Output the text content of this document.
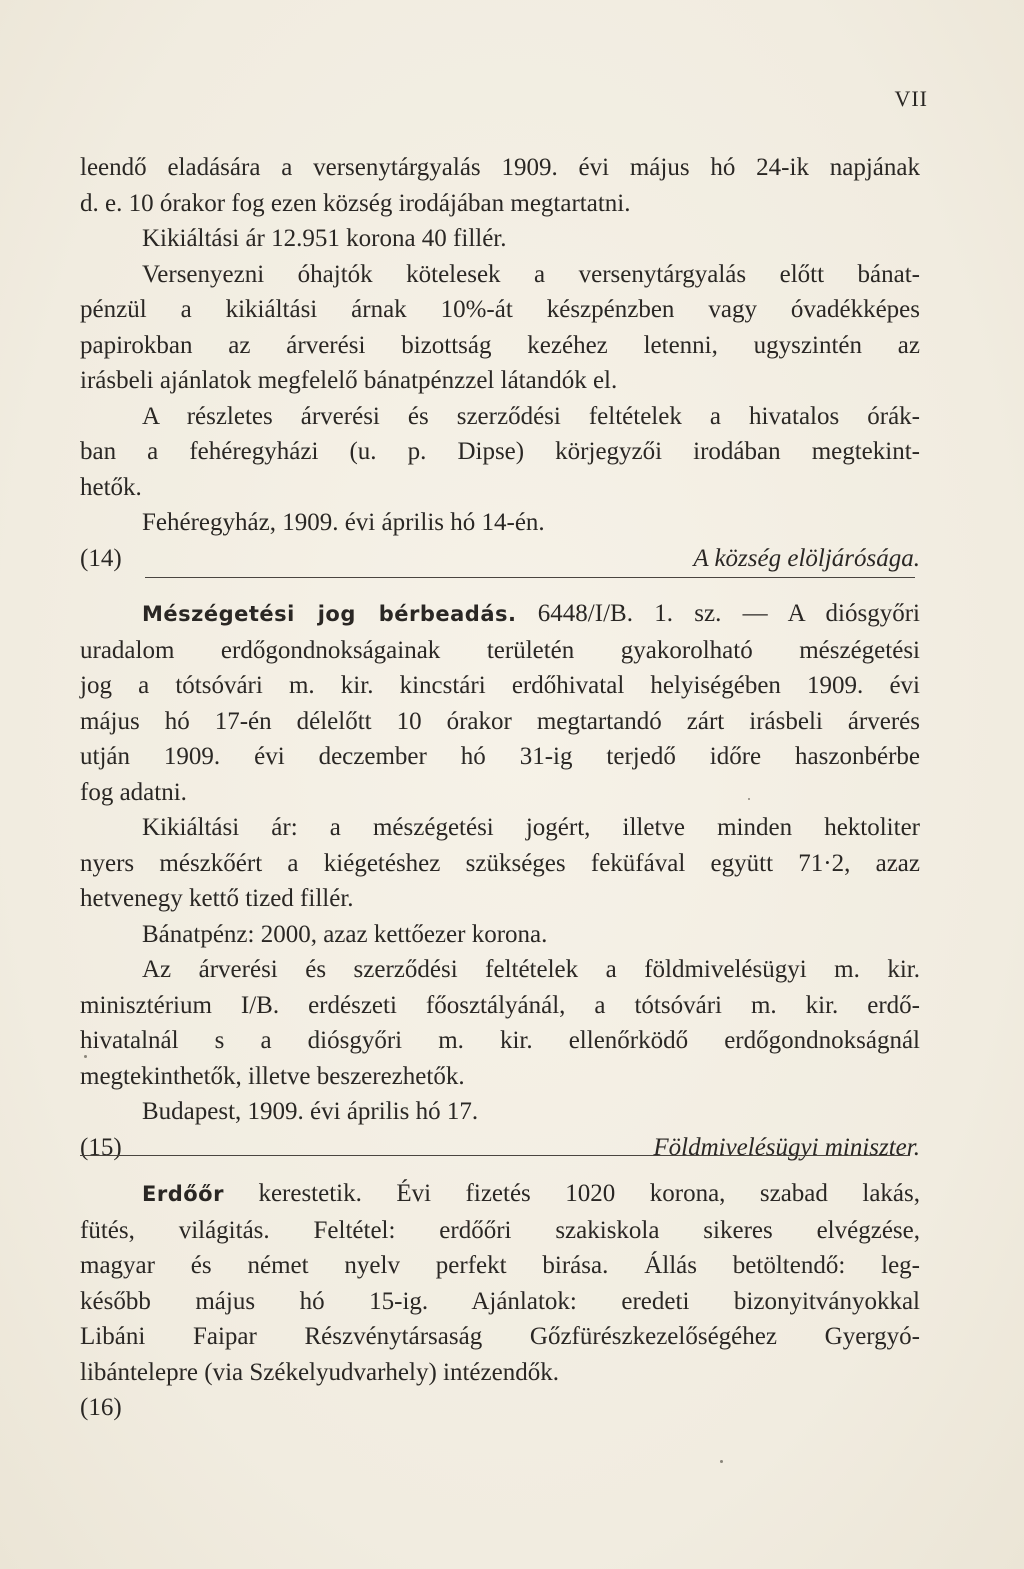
VII
leendő eladására a versenytárgyalás 1909. évi május hó 24-ik napjának
d. e. 10 órakor fog ezen község irodájában megtartatni.
Kikiáltási ár 12.951 korona 40 fillér.
Versenyezni óhajtók kötelesek a versenytárgyalás előtt bánat-
pénzül a kikiáltási árnak 10%-át készpénzben vagy óvadékképes
papirokban az árverési bizottság kezéhez letenni, ugyszintén az
irásbeli ajánlatok megfelelő bánatpénzzel látandók el.
A részletes árverési és szerződési feltételek a hivatalos órák-
ban a fehéregyházi (u. p. Dipse) körjegyzői irodában megtekint-
hetők.
Fehéregyház, 1909. évi április hó 14-én.
(14)	A község elöljárósága.
Mészégetési jog bérbeadás. 6448/I/B. 1. sz. — A diósgyőri
uradalom erdőgondnokságainak területén gyakorolható mészégetési
jog a tótsóvári m. kir. kincstári erdőhivatal helyiségében 1909. évi
május hó 17-én délelőtt 10 órakor megtartandó zárt irásbeli árverés
utján 1909. évi deczember hó 31-ig terjedő időre haszonbérbe
fog adatni.
Kikiáltási ár: a mészégetési jogért, illetve minden hektoliter
nyers mészkőért a kiégetéshez szükséges feküfával együtt 71·2, azaz
hetvenegy kettő tized fillér.
Bánatpénz: 2000, azaz kettőezer korona.
Az árverési és szerződési feltételek a földmivelésügyi m. kir.
minisztérium I/B. erdészeti főosztályánál, a tótsóvári m. kir. erdő-
hivatalnál s a diósgyőri m. kir. ellenőrködő erdőgondnokságnál
megtekinthetők, illetve beszerezhetők.
Budapest, 1909. évi április hó 17.
(15)	Földmivelésügyi miniszter.
Erdőőr kerestetik. Évi fizetés 1020 korona, szabad lakás,
fütés, világitás. Feltétel: erdőőri szakiskola sikeres elvégzése,
magyar és német nyelv perfekt birása. Állás betöltendő: leg-
később május hó 15-ig. Ajánlatok: eredeti bizonyitványokkal
Libáni Faipar Részvénytársaság Gőzfürészkezelőségéhez Gyergyó-
libántelepre (via Székelyudvarhely) intézendők.
(16)
